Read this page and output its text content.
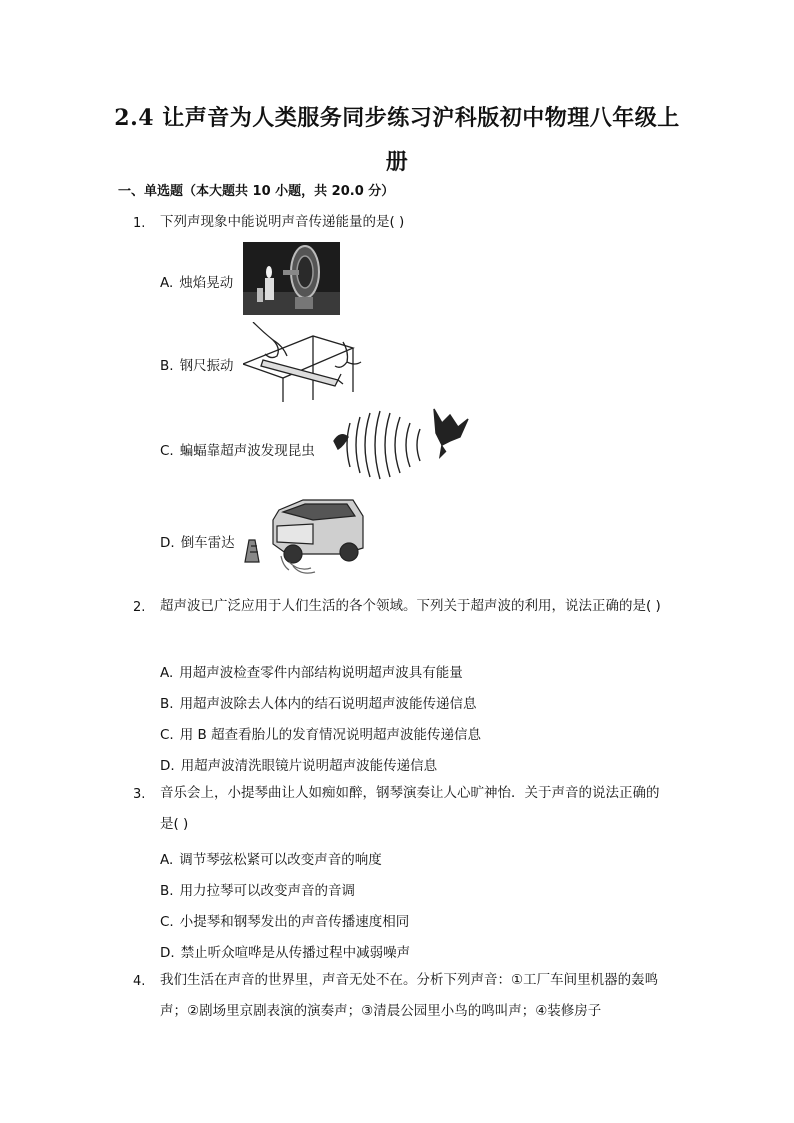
2.4 让声音为人类服务同步练习沪科版初中物理八年级上册
一、单选题（本大题共 10 小题，共 20.0 分）
1. 下列声现象中能说明声音传递能量的是( )
A. 烛焰晃动
B. 钢尺振动
C. 蝙蝠靠超声波发现昆虫
D. 倒车雷达
2. 超声波已广泛应用于人们生活的各个领域。下列关于超声波的利用，说法正确的是( )
A. 用超声波检查零件内部结构说明超声波具有能量
B. 用超声波除去人体内的结石说明超声波能传递信息
C. 用 B 超查看胎儿的发育情况说明超声波能传递信息
D. 用超声波清洗眼镜片说明超声波能传递信息
3. 音乐会上，小提琴曲让人如痴如醉，钢琴演奏让人心旷神怡．关于声音的说法正确的是( )
A. 调节琴弦松紧可以改变声音的响度
B. 用力拉琴可以改变声音的音调
C. 小提琴和钢琴发出的声音传播速度相同
D. 禁止听众喧哗是从传播过程中减弱噪声
4. 我们生活在声音的世界里，声音无处不在。分析下列声音：①工厂车间里机器的轰鸣声；②剧场里京剧表演的演奏声；③清晨公园里小鸟的鸣叫声；④装修房子
